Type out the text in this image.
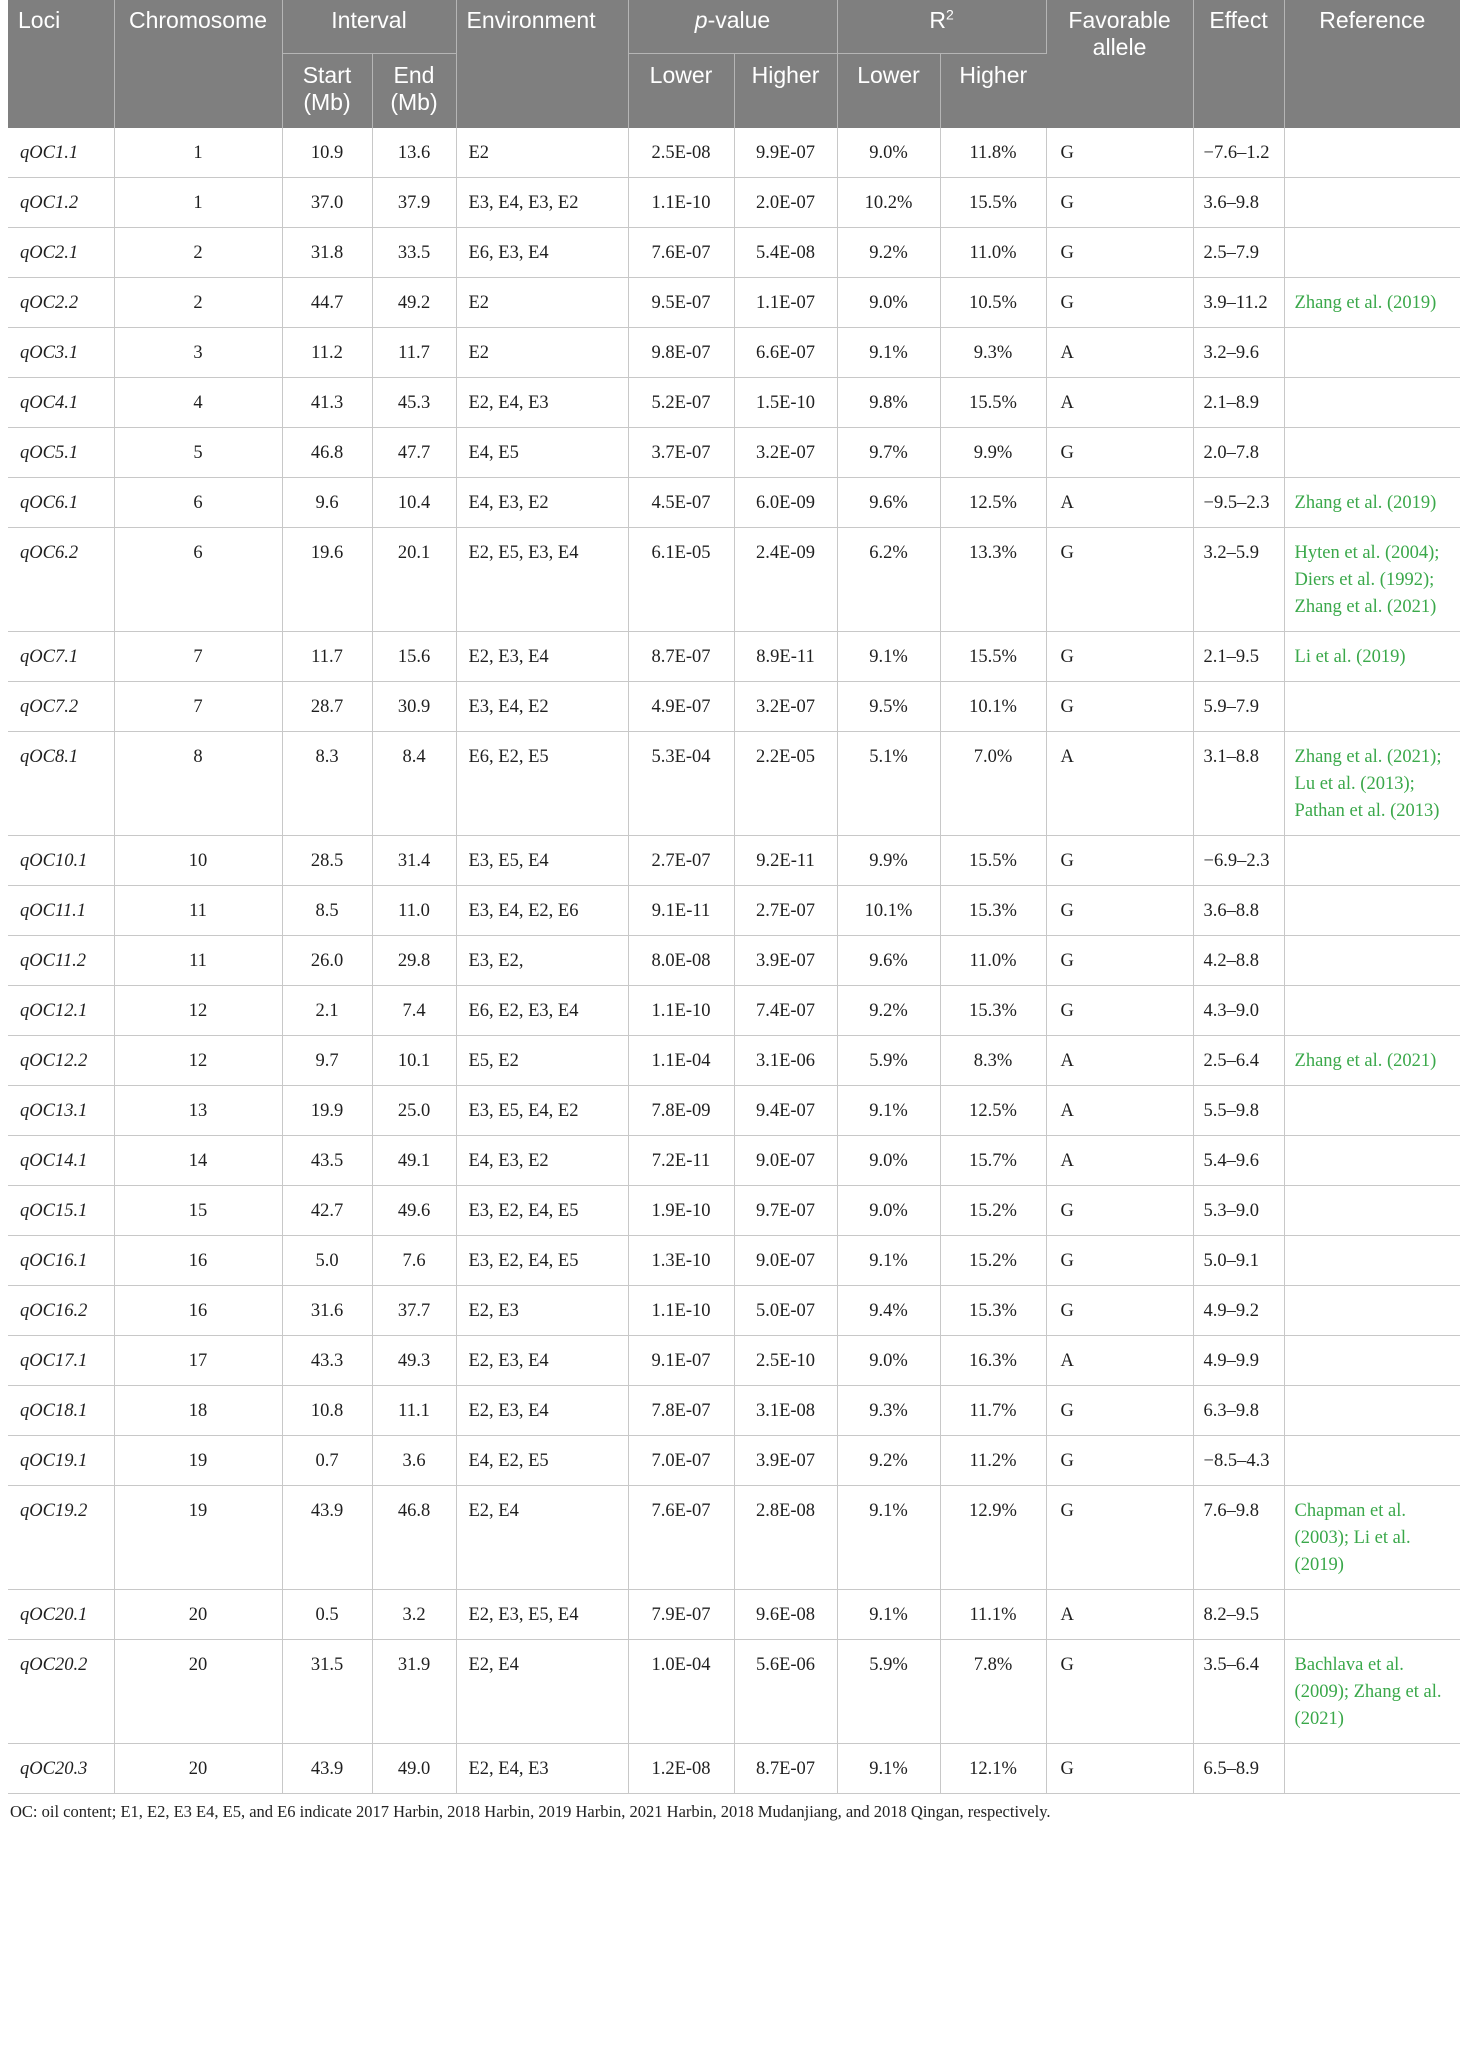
Loci	Chromosome	Interval		Environment	p-value		$R^2$		Favorable allele	Effect	Reference
		Start (Mb)	End (Mb)		Lower	Higher	Lower	Higher			
qOC1.1	1	10.9	13.6	E2	2.5E-08	9.9E-07	9.0%	11.8%	G	−7.6–1.2	
qOC1.2	1	37.0	37.9	E3, E4, E3, E2	1.1E-10	2.0E-07	10.2%	15.5%	G	3.6–9.8	
qOC2.1	2	31.8	33.5	E6, E3, E4	7.6E-07	5.4E-08	9.2%	11.0%	G	2.5–7.9	
qOC2.2	2	44.7	49.2	E2	9.5E-07	1.1E-07	9.0%	10.5%	G	3.9–11.2	Zhang et al. (2019)
qOC3.1	3	11.2	11.7	E2	9.8E-07	6.6E-07	9.1%	9.3%	A	3.2–9.6	
qOC4.1	4	41.3	45.3	E2, E4, E3	5.2E-07	1.5E-10	9.8%	15.5%	A	2.1–8.9	
qOC5.1	5	46.8	47.7	E4, E5	3.7E-07	3.2E-07	9.7%	9.9%	G	2.0–7.8	
qOC6.1	6	9.6	10.4	E4, E3, E2	4.5E-07	6.0E-09	9.6%	12.5%	A	−9.5–2.3	Zhang et al. (2019)
qOC6.2	6	19.6	20.1	E2, E5, E3, E4	6.1E-05	2.4E-09	6.2%	13.3%	G	3.2–5.9	Hyten et al. (2004); Diers et al. (1992); Zhang et al. (2021)
qOC7.1	7	11.7	15.6	E2, E3, E4	8.7E-07	8.9E-11	9.1%	15.5%	G	2.1–9.5	Li et al. (2019)
qOC7.2	7	28.7	30.9	E3, E4, E2	4.9E-07	3.2E-07	9.5%	10.1%	G	5.9–7.9	
qOC8.1	8	8.3	8.4	E6, E2, E5	5.3E-04	2.2E-05	5.1%	7.0%	A	3.1–8.8	Zhang et al. (2021); Lu et al. (2013); Pathan et al. (2013)
qOC10.1	10	28.5	31.4	E3, E5, E4	2.7E-07	9.2E-11	9.9%	15.5%	G	−6.9–2.3	
qOC11.1	11	8.5	11.0	E3, E4, E2, E6	9.1E-11	2.7E-07	10.1%	15.3%	G	3.6–8.8	
qOC11.2	11	26.0	29.8	E3, E2,	8.0E-08	3.9E-07	9.6%	11.0%	G	4.2–8.8	
qOC12.1	12	2.1	7.4	E6, E2, E3, E4	1.1E-10	7.4E-07	9.2%	15.3%	G	4.3–9.0	
qOC12.2	12	9.7	10.1	E5, E2	1.1E-04	3.1E-06	5.9%	8.3%	A	2.5–6.4	Zhang et al. (2021)
qOC13.1	13	19.9	25.0	E3, E5, E4, E2	7.8E-09	9.4E-07	9.1%	12.5%	A	5.5–9.8	
qOC14.1	14	43.5	49.1	E4, E3, E2	7.2E-11	9.0E-07	9.0%	15.7%	A	5.4–9.6	
qOC15.1	15	42.7	49.6	E3, E2, E4, E5	1.9E-10	9.7E-07	9.0%	15.2%	G	5.3–9.0	
qOC16.1	16	5.0	7.6	E3, E2, E4, E5	1.3E-10	9.0E-07	9.1%	15.2%	G	5.0–9.1	
qOC16.2	16	31.6	37.7	E2, E3	1.1E-10	5.0E-07	9.4%	15.3%	G	4.9–9.2	
qOC17.1	17	43.3	49.3	E2, E3, E4	9.1E-07	2.5E-10	9.0%	16.3%	A	4.9–9.9	
qOC18.1	18	10.8	11.1	E2, E3, E4	7.8E-07	3.1E-08	9.3%	11.7%	G	6.3–9.8	
qOC19.1	19	0.7	3.6	E4, E2, E5	7.0E-07	3.9E-07	9.2%	11.2%	G	−8.5–4.3	
qOC19.2	19	43.9	46.8	E2, E4	7.6E-07	2.8E-08	9.1%	12.9%	G	7.6–9.8	Chapman et al. (2003); Li et al. (2019)
qOC20.1	20	0.5	3.2	E2, E3, E5, E4	7.9E-07	9.6E-08	9.1%	11.1%	A	8.2–9.5	
qOC20.2	20	31.5	31.9	E2, E4	1.0E-04	5.6E-06	5.9%	7.8%	G	3.5–6.4	Bachlava et al. (2009); Zhang et al. (2021)
qOC20.3	20	43.9	49.0	E2, E4, E3	1.2E-08	8.7E-07	9.1%	12.1%	G	6.5–8.9	
OC: oil content; E1, E2, E3 E4, E5, and E6 indicate 2017 Harbin, 2018 Harbin, 2019 Harbin, 2021 Harbin, 2018 Mudanjiang, and 2018 Qingan, respectively.
